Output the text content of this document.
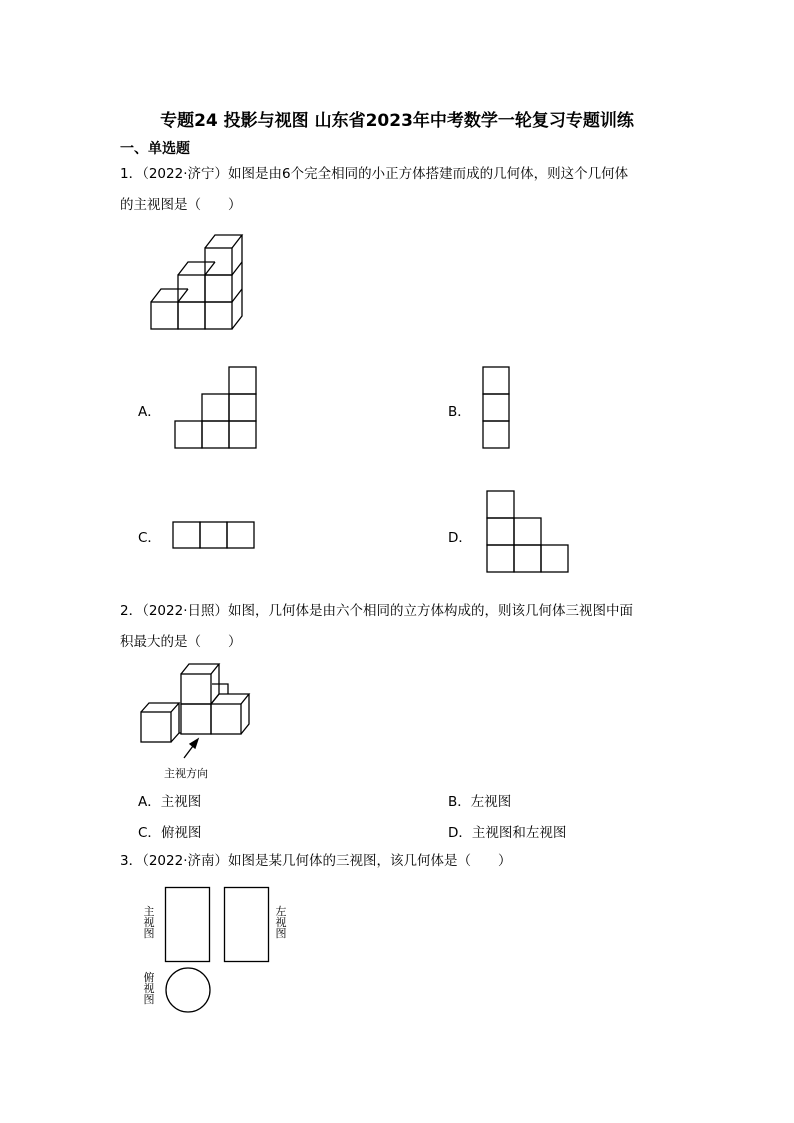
专题24 投影与视图 山东省2023年中考数学一轮复习专题训练
一、单选题
1．（2022·济宁）如图是由6个完全相同的小正方体搭建而成的几何体，则这个几何体
的主视图是（　　）
A．	B．
C．	D．
2．（2022·日照）如图，几何体是由六个相同的立方体构成的，则该几何体三视图中面
积最大的是（　　）
主视方向
A．主视图	B．左视图
C．俯视图	D．主视图和左视图
3．（2022·济南）如图是某几何体的三视图，该几何体是（　　）
主视图
左视图
俯视图
